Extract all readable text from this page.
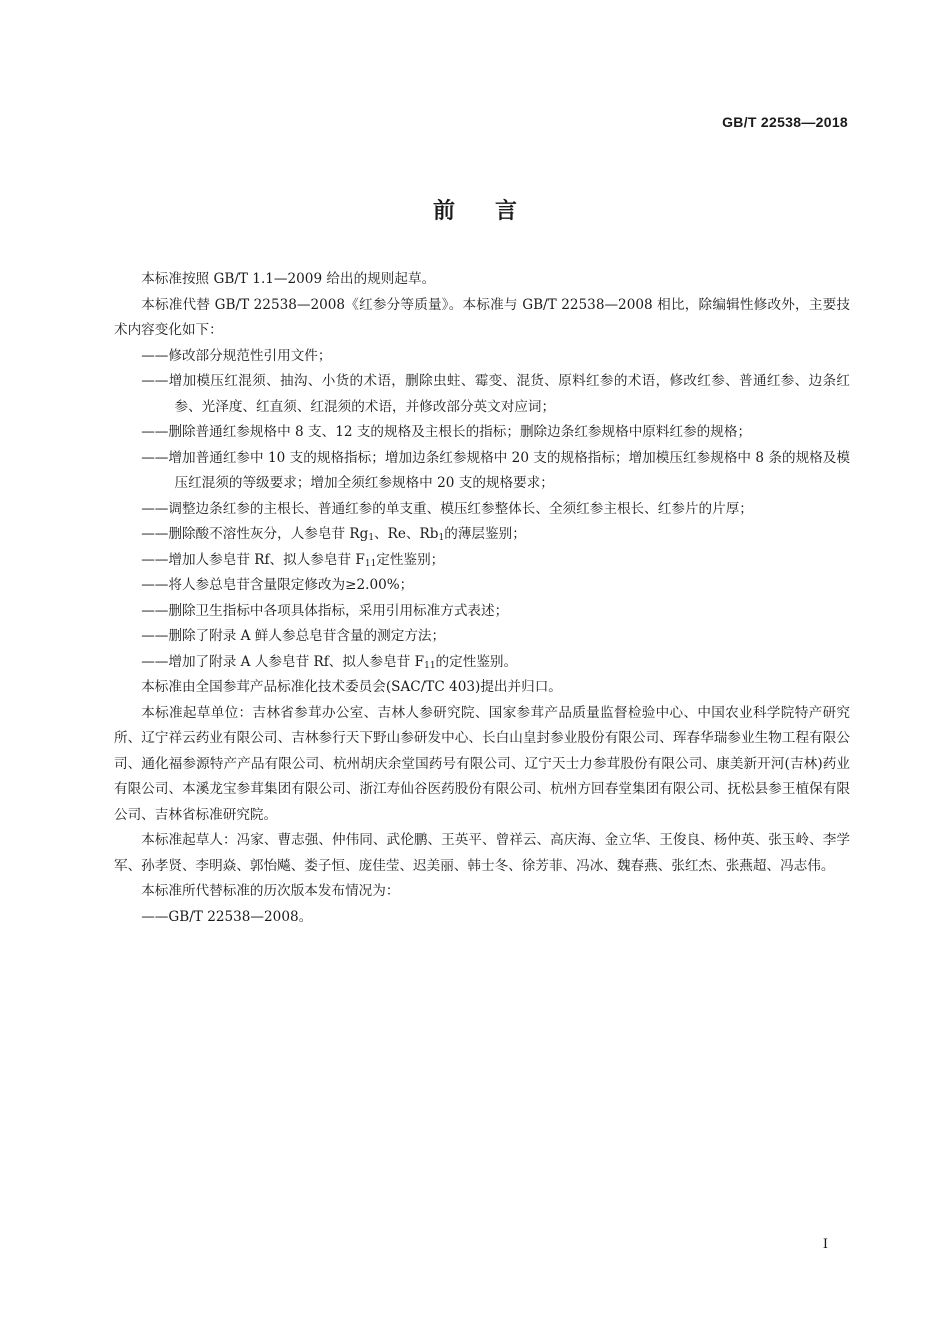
GB/T 22538—2018
前言

本标准按照 GB/T 1.1—2009 给出的规则起草。

本标准代替 GB/T 22538—2008《红参分等质量》。本标准与 GB/T 22538—2008 相比，除编辑性修改外，主要技术内容变化如下：

——修改部分规范性引用文件；

——增加模压红混须、抽沟、小货的术语，删除虫蛀、霉变、混货、原料红参的术语，修改红参、普通红参、边条红参、光泽度、红直须、红混须的术语，并修改部分英文对应词；

——删除普通红参规格中 8 支、12 支的规格及主根长的指标；删除边条红参规格中原料红参的规格；

——增加普通红参中 10 支的规格指标；增加边条红参规格中 20 支的规格指标；增加模压红参规格中 8 条的规格及模压红混须的等级要求；增加全须红参规格中 20 支的规格要求；

——调整边条红参的主根长、普通红参的单支重、模压红参整体长、全须红参主根长、红参片的片厚；

——删除酸不溶性灰分，人参皂苷 $Rg_1$、Re、$Rb_1$的薄层鉴别；

——增加人参皂苷 Rf、拟人参皂苷 $F_{11}$定性鉴别；

——将人参总皂苷含量限定修改为≥2.00%；

——删除卫生指标中各项具体指标，采用引用标准方式表述；

——删除了附录 A 鲜人参总皂苷含量的测定方法；

——增加了附录 A 人参皂苷 Rf、拟人参皂苷 $F_{11}$的定性鉴别。

本标准由全国参茸产品标准化技术委员会(SAC/TC 403)提出并归口。

本标准起草单位：吉林省参茸办公室、吉林人参研究院、国家参茸产品质量监督检验中心、中国农业科学院特产研究所、辽宁祥云药业有限公司、吉林参行天下野山参研发中心、长白山皇封参业股份有限公司、珲春华瑞参业生物工程有限公司、通化福参源特产产品有限公司、杭州胡庆余堂国药号有限公司、辽宁天士力参茸股份有限公司、康美新开河(吉林)药业有限公司、本溪龙宝参茸集团有限公司、浙江寿仙谷医药股份有限公司、杭州方回春堂集团有限公司、抚松县参王植保有限公司、吉林省标准研究院。

本标准起草人：冯家、曹志强、仲伟同、武伦鹏、王英平、曾祥云、高庆海、金立华、王俊良、杨仲英、张玉岭、李学军、孙孝贤、李明焱、郭怡飚、娄子恒、庞佳莹、迟美丽、韩士冬、徐芳菲、冯冰、魏春燕、张红杰、张燕超、冯志伟。

本标准所代替标准的历次版本发布情况为：

——GB/T 22538—2008。

I
